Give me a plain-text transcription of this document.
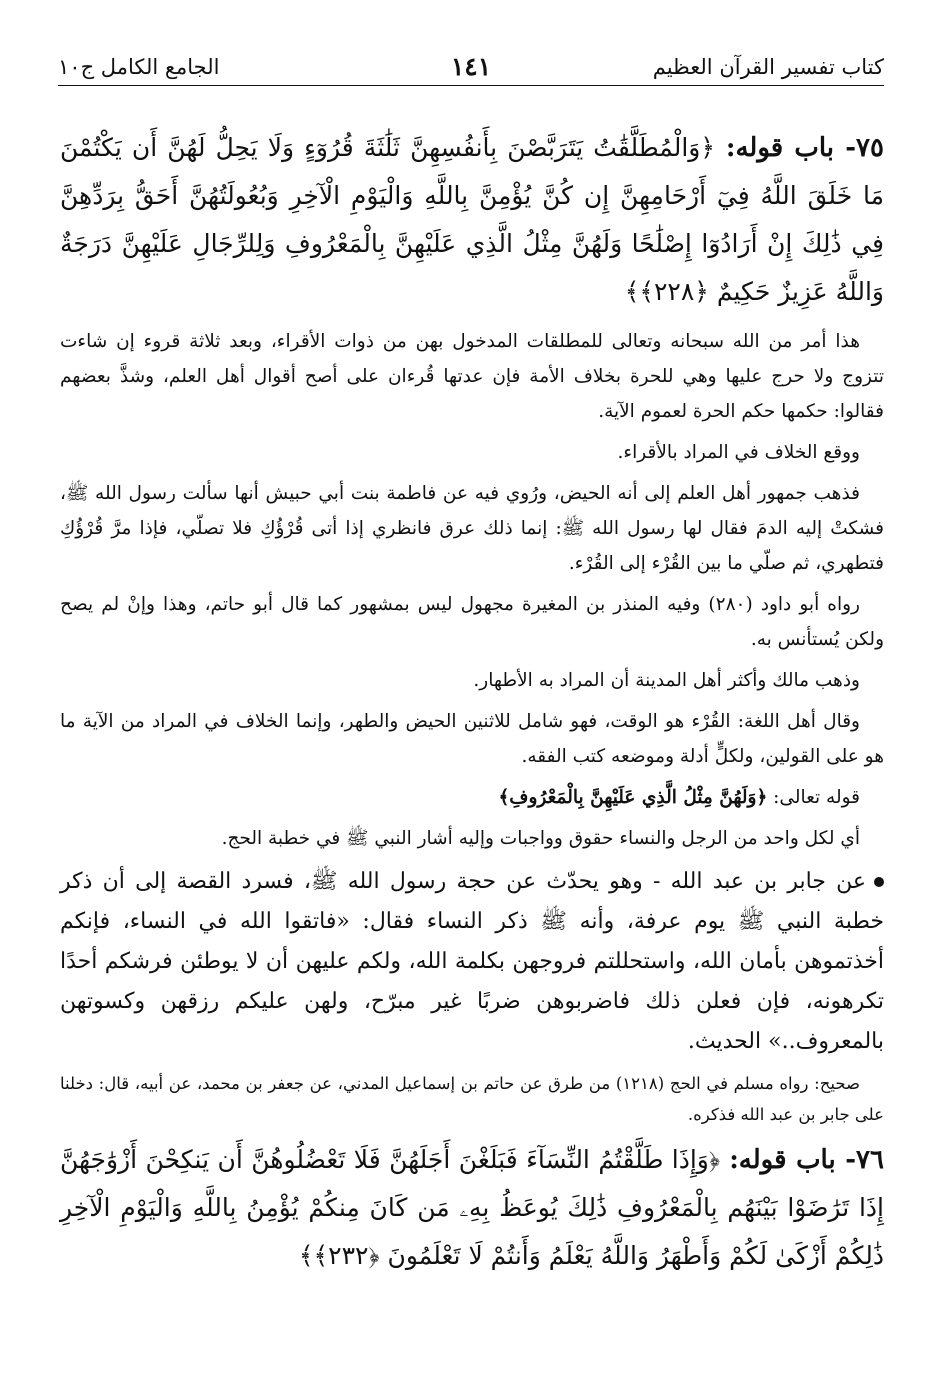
كتاب تفسير القرآن العظيم
١٤١
الجامع الكامل ج١٠
٧٥- باب قوله: ﴿وَالْمُطَلَّقَٰتُ يَتَرَبَّصْنَ بِأَنفُسِهِنَّ ثَلَٰثَةَ قُرُوٓءٍ وَلَا يَحِلُّ لَهُنَّ أَن يَكْتُمْنَ مَا خَلَقَ اللَّهُ فِيٓ أَرْحَامِهِنَّ إِن كُنَّ يُؤْمِنَّ بِاللَّهِ وَالْيَوْمِ الْآخِرِ وَبُعُولَتُهُنَّ أَحَقُّ بِرَدِّهِنَّ فِي ذَٰلِكَ إِنْ أَرَادُوٓا إِصْلَٰحًا وَلَهُنَّ مِثْلُ الَّذِي عَلَيْهِنَّ بِالْمَعْرُوفِ وَلِلرِّجَالِ عَلَيْهِنَّ دَرَجَةٌ وَاللَّهُ عَزِيزٌ حَكِيمٌ ﴿٢٢٨﴾﴾

هذا أمر من الله سبحانه وتعالى للمطلقات المدخول بهن من ذوات الأقراء، وبعد ثلاثة قروء إن شاءت تتزوج ولا حرج عليها وهي للحرة بخلاف الأمة فإن عدتها قُرءان على أصح أقوال أهل العلم، وشذَّ بعضهم فقالوا: حكمها حكم الحرة لعموم الآية.

ووقع الخلاف في المراد بالأقراء.

فذهب جمهور أهل العلم إلى أنه الحيض، ورُوي فيه عن فاطمة بنت أبي حبيش أنها سألت رسول الله ﷺ، فشكتْ إليه الدمَ فقال لها رسول الله ﷺ: إنما ذلك عرق فانظري إذا أتى قُرْؤُكِ فلا تصلّي، فإذا مرَّ قُرْؤُكِ فتطهري، ثم صلّي ما بين القُرْء إلى القُرْء.

رواه أبو داود (٢٨٠) وفيه المنذر بن المغيرة مجهول ليس بمشهور كما قال أبو حاتم، وهذا وإنْ لم يصح ولكن يُستأنس به.

وذهب مالك وأكثر أهل المدينة أن المراد به الأطهار.

وقال أهل اللغة: القُرْء هو الوقت، فهو شامل للاثنين الحيض والطهر، وإنما الخلاف في المراد من الآية ما هو على القولين، ولكلٍّ أدلة وموضعه كتب الفقه.

قوله تعالى: ﴿وَلَهُنَّ مِثْلُ الَّذِي عَلَيْهِنَّ بِالْمَعْرُوفِ﴾

أي لكل واحد من الرجل والنساء حقوق وواجبات وإليه أشار النبي ﷺ في خطبة الحج.

عن جابر بن عبد الله - وهو يحدّث عن حجة رسول الله ﷺ، فسرد القصة إلى أن ذكر خطبة النبي ﷺ يوم عرفة، وأنه ﷺ ذكر النساء فقال: «فاتقوا الله في النساء، فإنكم أخذتموهن بأمان الله، واستحللتم فروجهن بكلمة الله، ولكم عليهن أن لا يوطئن فرشكم أحدًا تكرهونه، فإن فعلن ذلك فاضربوهن ضربًا غير مبرّح، ولهن عليكم رزقهن وكسوتهن بالمعروف..» الحديث.

صحيح: رواه مسلم في الحج (١٢١٨) من طرق عن حاتم بن إسماعيل المدني، عن جعفر بن محمد، عن أبيه، قال: دخلنا على جابر بن عبد الله فذكره.

٧٦- باب قوله: ﴿وَإِذَا طَلَّقْتُمُ النِّسَآءَ فَبَلَغْنَ أَجَلَهُنَّ فَلَا تَعْضُلُوهُنَّ أَن يَنكِحْنَ أَزْوَٰجَهُنَّ إِذَا تَرَٰضَوْا بَيْنَهُم بِالْمَعْرُوفِ ذَٰلِكَ يُوعَظُ بِهِۦ مَن كَانَ مِنكُمْ يُؤْمِنُ بِاللَّهِ وَالْيَوْمِ الْآخِرِ ذَٰلِكُمْ أَزْكَىٰ لَكُمْ وَأَطْهَرُ وَاللَّهُ يَعْلَمُ وَأَنتُمْ لَا تَعْلَمُونَ ﴿٢٣٢﴾﴾
